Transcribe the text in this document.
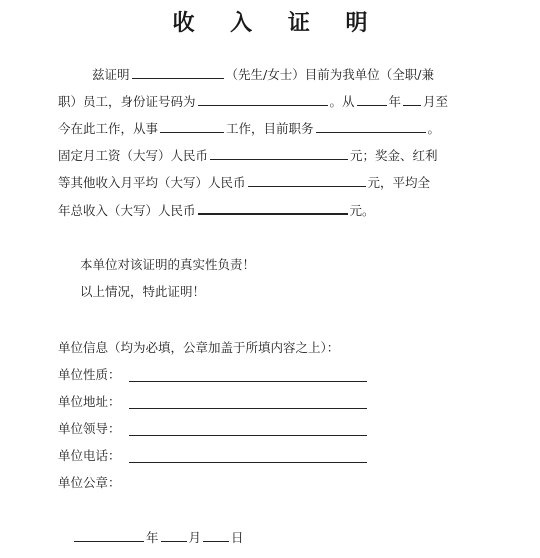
收 入 证 明
兹证明	（先生/女士）目前为我单位（全职/兼
职）员工，身份证号码为	。从	年 月至
今在此工作，从事	工作，目前职务	。
固定月工资（大写）人民币	元；奖金、红利
等其他收入月平均（大写）人民币	元，平均全
年总收入（大写）人民币	元。
本单位对该证明的真实性负责！
以上情况，特此证明！
单位信息（均为必填，公章加盖于所填内容之上）：
单位性质：
单位地址：
单位领导：
单位电话：
单位公章：
年 月 日
